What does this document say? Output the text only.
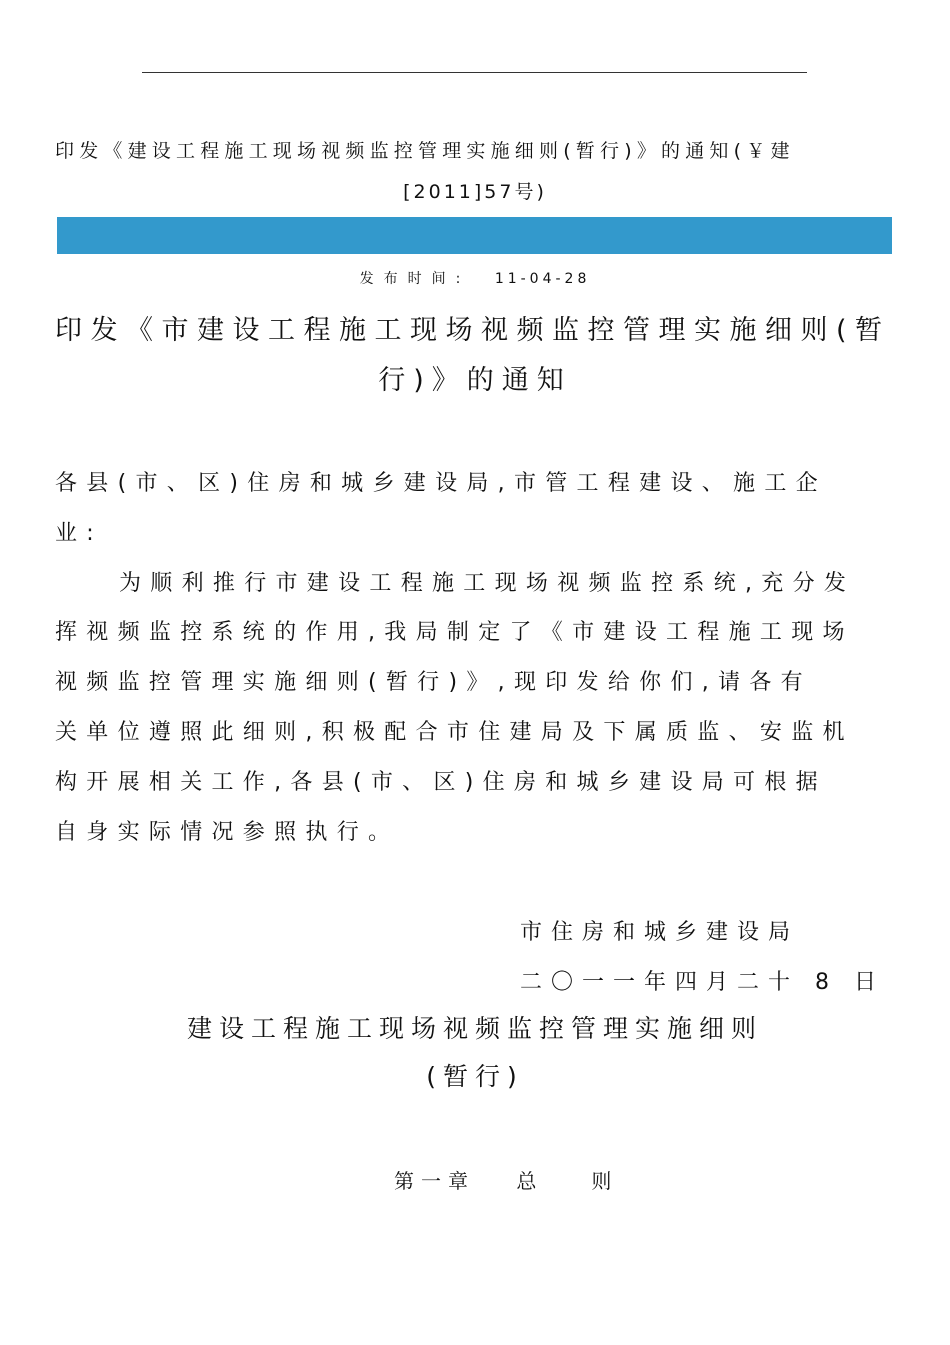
印发《建设工程施工现场视频监控管理实施细则(暂行)》的通知(￥建
[2011]57号)
发布时间: 11-04-28
印发《市建设工程施工现场视频监控管理实施细则(暂
行)》的通知
各县(市、区)住房和城乡建设局,市管工程建设、施工企
业:
为顺利推行市建设工程施工现场视频监控系统,充分发
挥视频监控系统的作用,我局制定了《市建设工程施工现场
视频监控管理实施细则(暂行)》,现印发给你们,请各有
关单位遵照此细则,积极配合市住建局及下属质监、安监机
构开展相关工作,各县(市、区)住房和城乡建设局可根据
自身实际情况参照执行。
市住房和城乡建设局
二〇一一年四月二十 8 日
建设工程施工现场视频监控管理实施细则
(暂行)
第一章 总则
